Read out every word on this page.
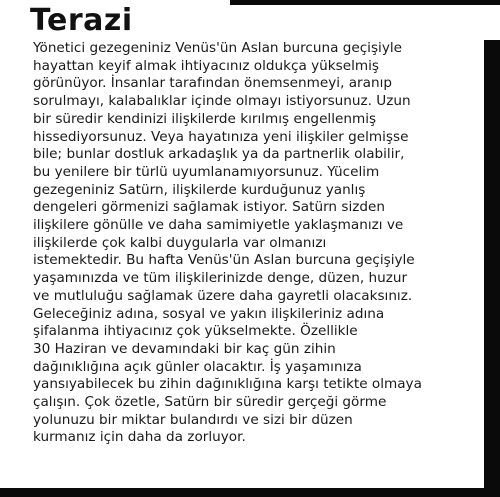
Terazi
Yönetici gezegeniniz Venüs'ün Aslan burcuna geçişiyle
hayattan keyif almak ihtiyacınız oldukça yükselmiş
görünüyor. İnsanlar tarafından önemsenmeyi, aranıp
sorulmayı, kalabalıklar içinde olmayı istiyorsunuz. Uzun
bir süredir kendinizi ilişkilerde kırılmış engellenmiş
hissediyorsunuz. Veya hayatınıza yeni ilişkiler gelmişse
bile; bunlar dostluk arkadaşlık ya da partnerlik olabilir,
bu yenilere bir türlü uyumlanamıyorsunuz. Yücelim
gezegeniniz Satürn, ilişkilerde kurduğunuz yanlış
dengeleri görmenizi sağlamak istiyor. Satürn sizden
ilişkilere gönülle ve daha samimiyetle yaklaşmanızı ve
ilişkilerde çok kalbi duygularla var olmanızı
istemektedir. Bu hafta Venüs'ün Aslan burcuna geçişiyle
yaşamınızda ve tüm ilişkilerinizde denge, düzen, huzur
ve mutluluğu sağlamak üzere daha gayretli olacaksınız.
Geleceğiniz adına, sosyal ve yakın ilişkileriniz adına
şifalanma ihtiyacınız çok yükselmekte. Özellikle
30 Haziran ve devamındaki bir kaç gün zihin
dağınıklığına açık günler olacaktır. İş yaşamınıza
yansıyabilecek bu zihin dağınıklığına karşı tetikte olmaya
çalışın. Çok özetle, Satürn bir süredir gerçeği görme
yolunuzu bir miktar bulandırdı ve sizi bir düzen
kurmanız için daha da zorluyor.
